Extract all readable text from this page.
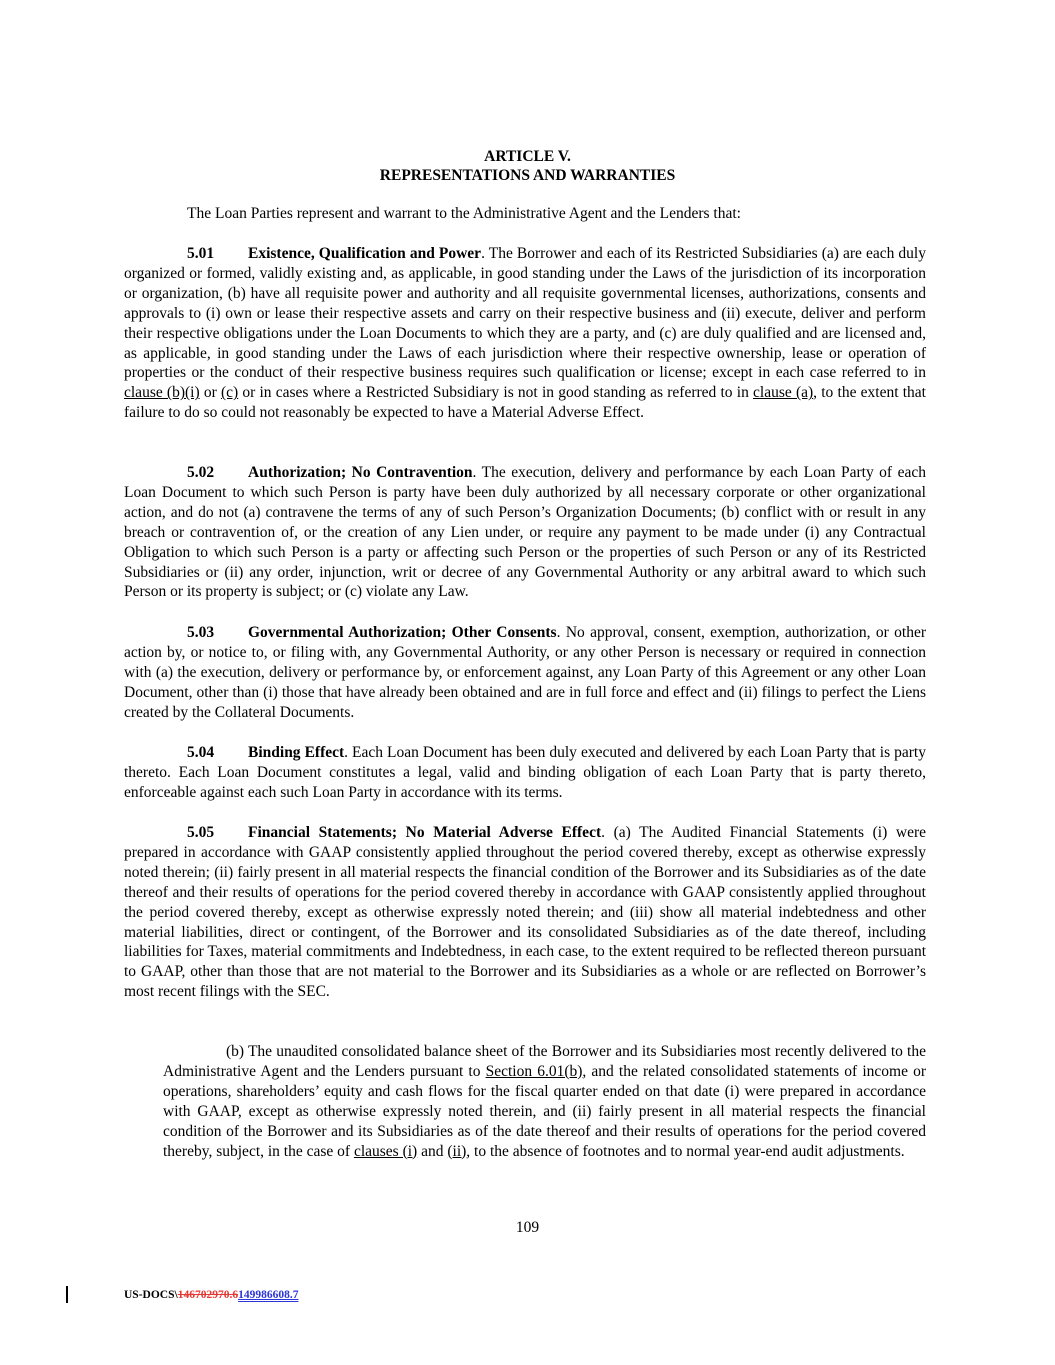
ARTICLE V.
REPRESENTATIONS AND WARRANTIES

The Loan Parties represent and warrant to the Administrative Agent and the Lenders that:

5.01 Existence, Qualification and Power. The Borrower and each of its Restricted Subsidiaries (a) are each duly organized or formed, validly existing and, as applicable, in good standing under the Laws of the jurisdiction of its incorporation or organization, (b) have all requisite power and authority and all requisite governmental licenses, authorizations, consents and approvals to (i) own or lease their respective assets and carry on their respective business and (ii) execute, deliver and perform their respective obligations under the Loan Documents to which they are a party, and (c) are duly qualified and are licensed and, as applicable, in good standing under the Laws of each jurisdiction where their respective ownership, lease or operation of properties or the conduct of their respective business requires such qualification or license; except in each case referred to in clause (b)(i) or (c) or in cases where a Restricted Subsidiary is not in good standing as referred to in clause (a), to the extent that failure to do so could not reasonably be expected to have a Material Adverse Effect.

5.02 Authorization; No Contravention. The execution, delivery and performance by each Loan Party of each Loan Document to which such Person is party have been duly authorized by all necessary corporate or other organizational action, and do not (a) contravene the terms of any of such Person’s Organization Documents; (b) conflict with or result in any breach or contravention of, or the creation of any Lien under, or require any payment to be made under (i) any Contractual Obligation to which such Person is a party or affecting such Person or the properties of such Person or any of its Restricted Subsidiaries or (ii) any order, injunction, writ or decree of any Governmental Authority or any arbitral award to which such Person or its property is subject; or (c) violate any Law.

5.03 Governmental Authorization; Other Consents. No approval, consent, exemption, authorization, or other action by, or notice to, or filing with, any Governmental Authority, or any other Person is necessary or required in connection with (a) the execution, delivery or performance by, or enforcement against, any Loan Party of this Agreement or any other Loan Document, other than (i) those that have already been obtained and are in full force and effect and (ii) filings to perfect the Liens created by the Collateral Documents.

5.04 Binding Effect. Each Loan Document has been duly executed and delivered by each Loan Party that is party thereto. Each Loan Document constitutes a legal, valid and binding obligation of each Loan Party that is party thereto, enforceable against each such Loan Party in accordance with its terms.

5.05 Financial Statements; No Material Adverse Effect. (a) The Audited Financial Statements (i) were prepared in accordance with GAAP consistently applied throughout the period covered thereby, except as otherwise expressly noted therein; (ii) fairly present in all material respects the financial condition of the Borrower and its Subsidiaries as of the date thereof and their results of operations for the period covered thereby in accordance with GAAP consistently applied throughout the period covered thereby, except as otherwise expressly noted therein; and (iii) show all material indebtedness and other material liabilities, direct or contingent, of the Borrower and its consolidated Subsidiaries as of the date thereof, including liabilities for Taxes, material commitments and Indebtedness, in each case, to the extent required to be reflected thereon pursuant to GAAP, other than those that are not material to the Borrower and its Subsidiaries as a whole or are reflected on Borrower’s most recent filings with the SEC.

(b) The unaudited consolidated balance sheet of the Borrower and its Subsidiaries most recently delivered to the Administrative Agent and the Lenders pursuant to Section 6.01(b), and the related consolidated statements of income or operations, shareholders’ equity and cash flows for the fiscal quarter ended on that date (i) were prepared in accordance with GAAP, except as otherwise expressly noted therein, and (ii) fairly present in all material respects the financial condition of the Borrower and its Subsidiaries as of the date thereof and their results of operations for the period covered thereby, subject, in the case of clauses (i) and (ii), to the absence of footnotes and to normal year-end audit adjustments.

109
US-DOCS\146702970.6149986608.7
